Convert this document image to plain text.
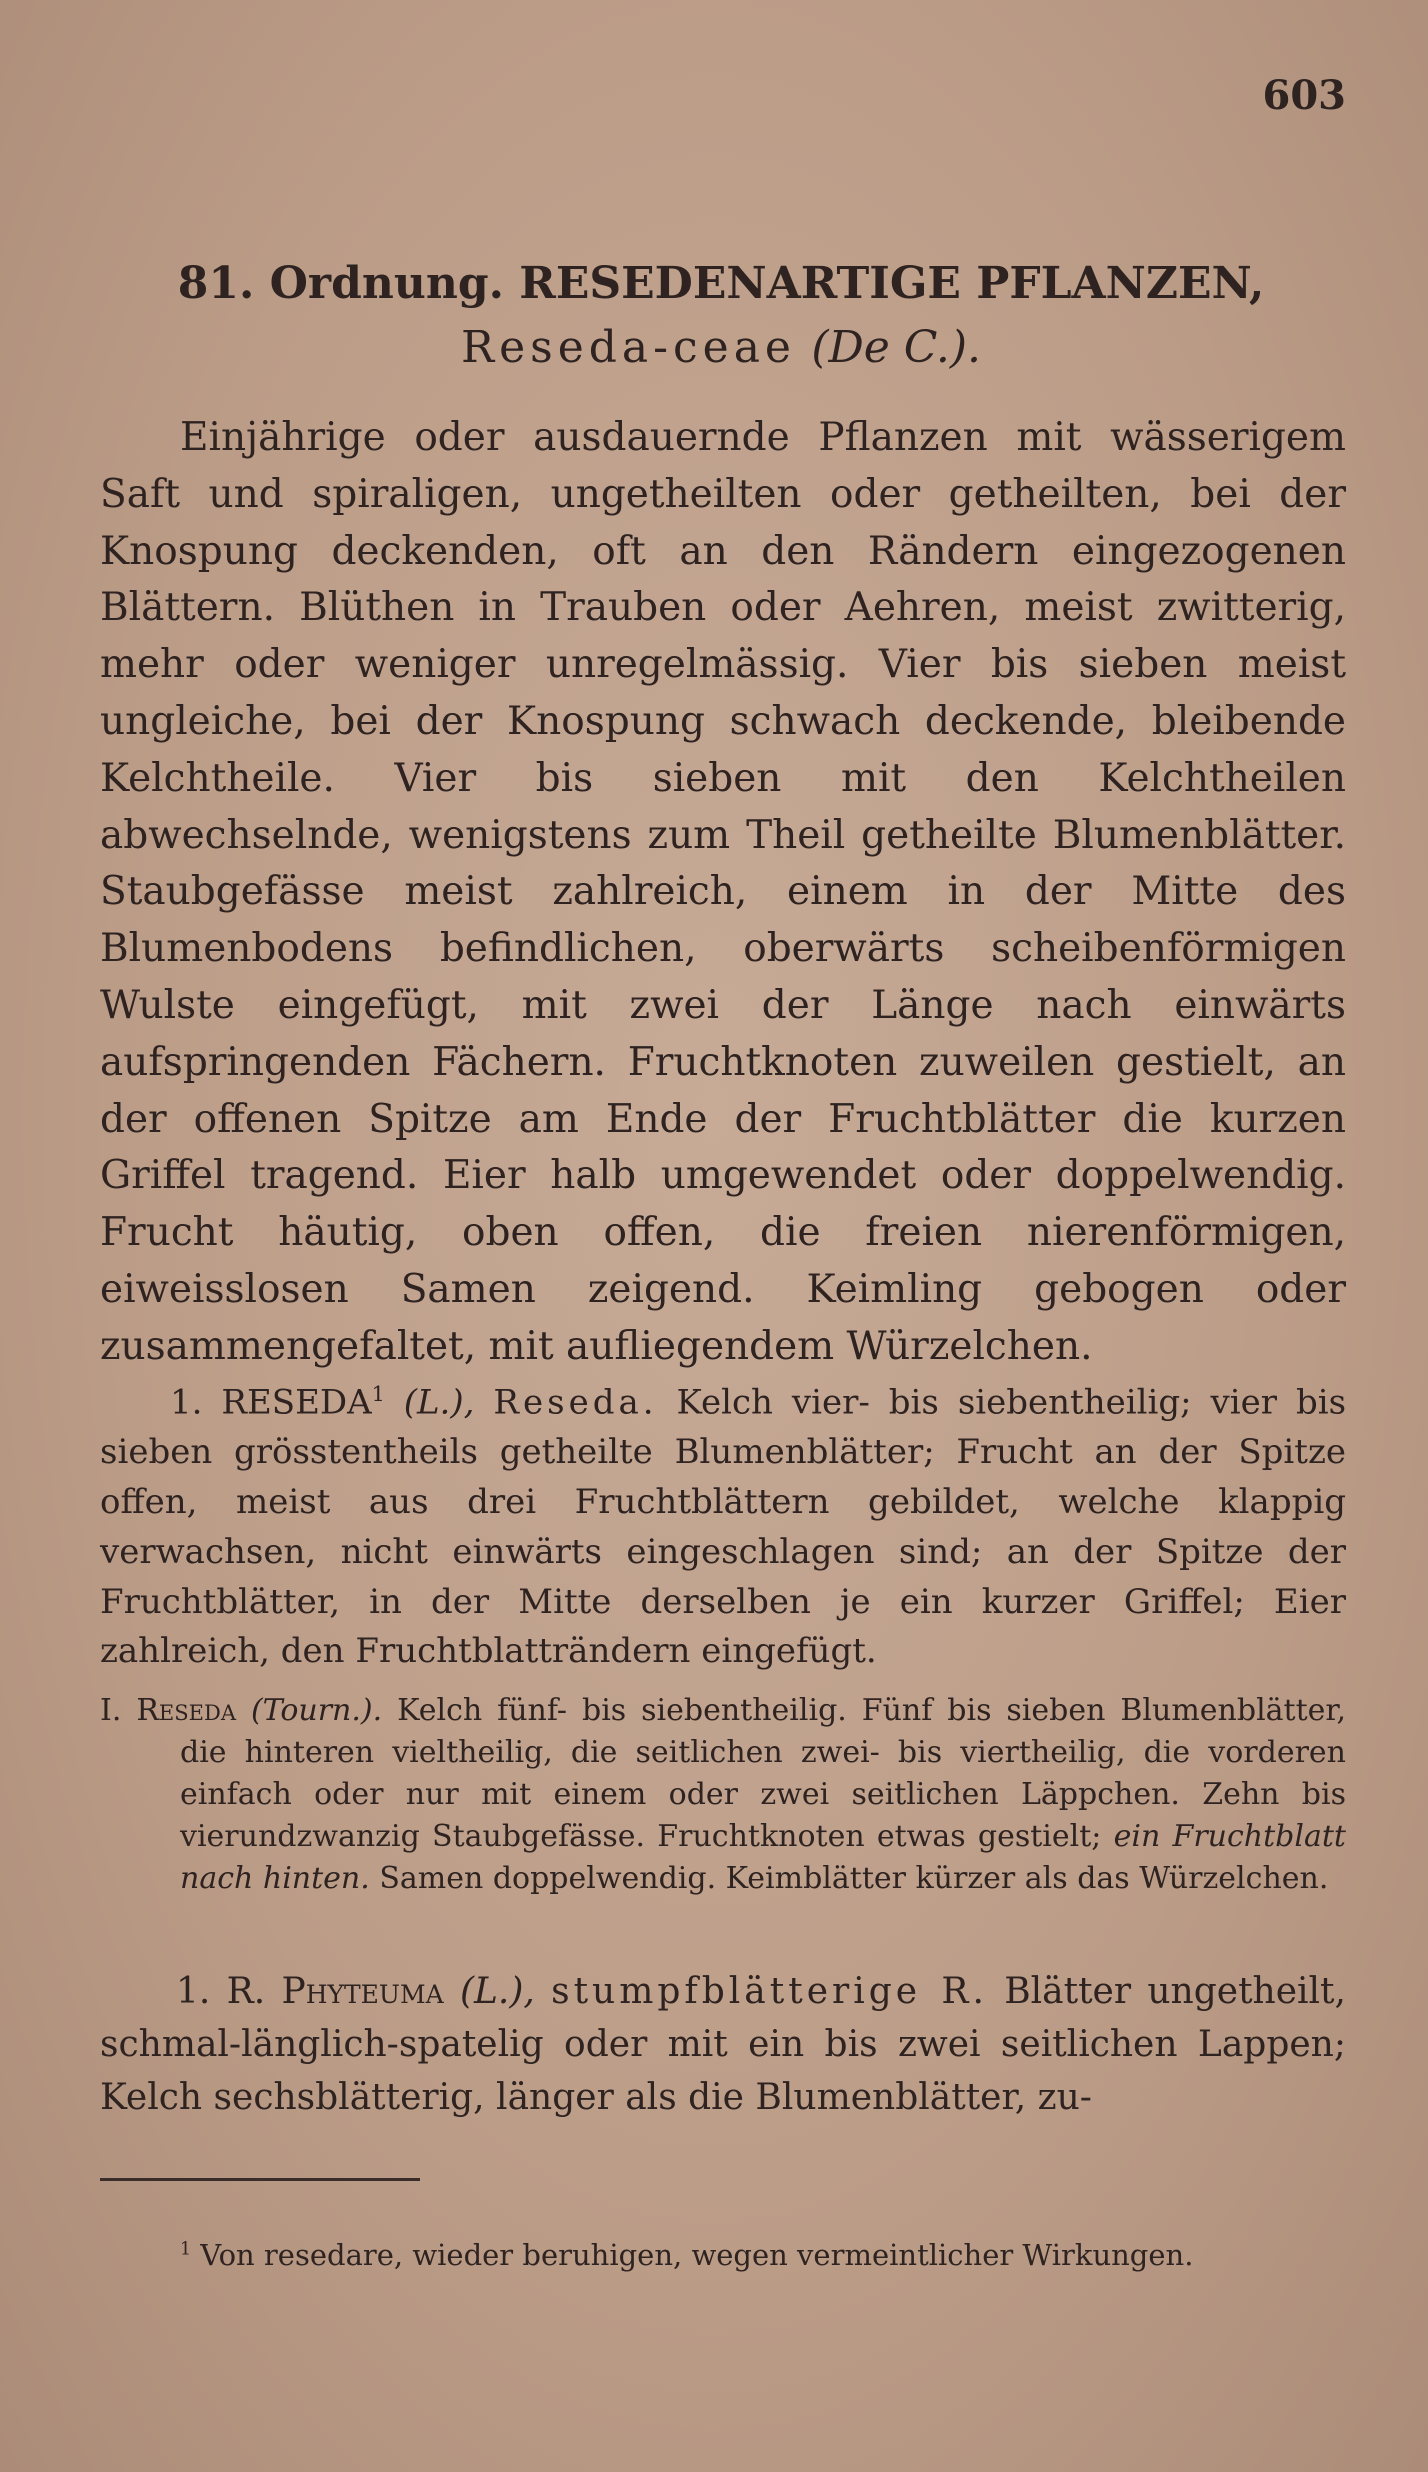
603
81. Ordnung. RESEDENARTIGE PFLANZEN, Reseda-ceae (De C.).
Einjährige oder ausdauernde Pflanzen mit wässerigem Saft und spiraligen, ungetheilten oder getheilten, bei der Knospung deckenden, oft an den Rändern eingezogenen Blättern. Blüthen in Trauben oder Aehren, meist zwitterig, mehr oder weniger unregelmässig. Vier bis sieben meist ungleiche, bei der Knospung schwach deckende, bleibende Kelchtheile. Vier bis sieben mit den Kelchtheilen abwechselnde, wenigstens zum Theil getheilte Blumenblätter. Staubgefässe meist zahlreich, einem in der Mitte des Blumenbodens befindlichen, oberwärts scheibenförmigen Wulste eingefügt, mit zwei der Länge nach einwärts aufspringenden Fächern. Fruchtknoten zuweilen gestielt, an der offenen Spitze am Ende der Fruchtblätter die kurzen Griffel tragend. Eier halb umgewendet oder doppelwendig. Frucht häutig, oben offen, die freien nierenförmigen, eiweisslosen Samen zeigend. Keimling gebogen oder zusammengefaltet, mit aufliegendem Würzelchen.
1. RESEDA$^1$ (L.), Reseda. Kelch vier- bis siebentheilig; vier bis sieben grösstentheils getheilte Blumenblätter; Frucht an der Spitze offen, meist aus drei Fruchtblättern gebildet, welche klappig verwachsen, nicht einwärts eingeschlagen sind; an der Spitze der Fruchtblätter, in der Mitte derselben je ein kurzer Griffel; Eier zahlreich, den Fruchtblatträndern eingefügt.
I. Reseda (Tourn.). Kelch fünf- bis siebentheilig. Fünf bis sieben Blumenblätter, die hinteren vieltheilig, die seitlichen zwei- bis viertheilig, die vorderen einfach oder nur mit einem oder zwei seitlichen Läppchen. Zehn bis vierundzwanzig Staubgefässe. Fruchtknoten etwas gestielt; ein Fruchtblatt nach hinten. Samen doppelwendig. Keimblätter kürzer als das Würzelchen.
1. R. Phyteuma (L.), stumpfblätterige R. Blätter ungetheilt, schmal-länglich-spatelig oder mit ein bis zwei seitlichen Lappen; Kelch sechsblätterig, länger als die Blumenblätter, zu-
$^1$ Von resedare, wieder beruhigen, wegen vermeintlicher Wirkungen.
